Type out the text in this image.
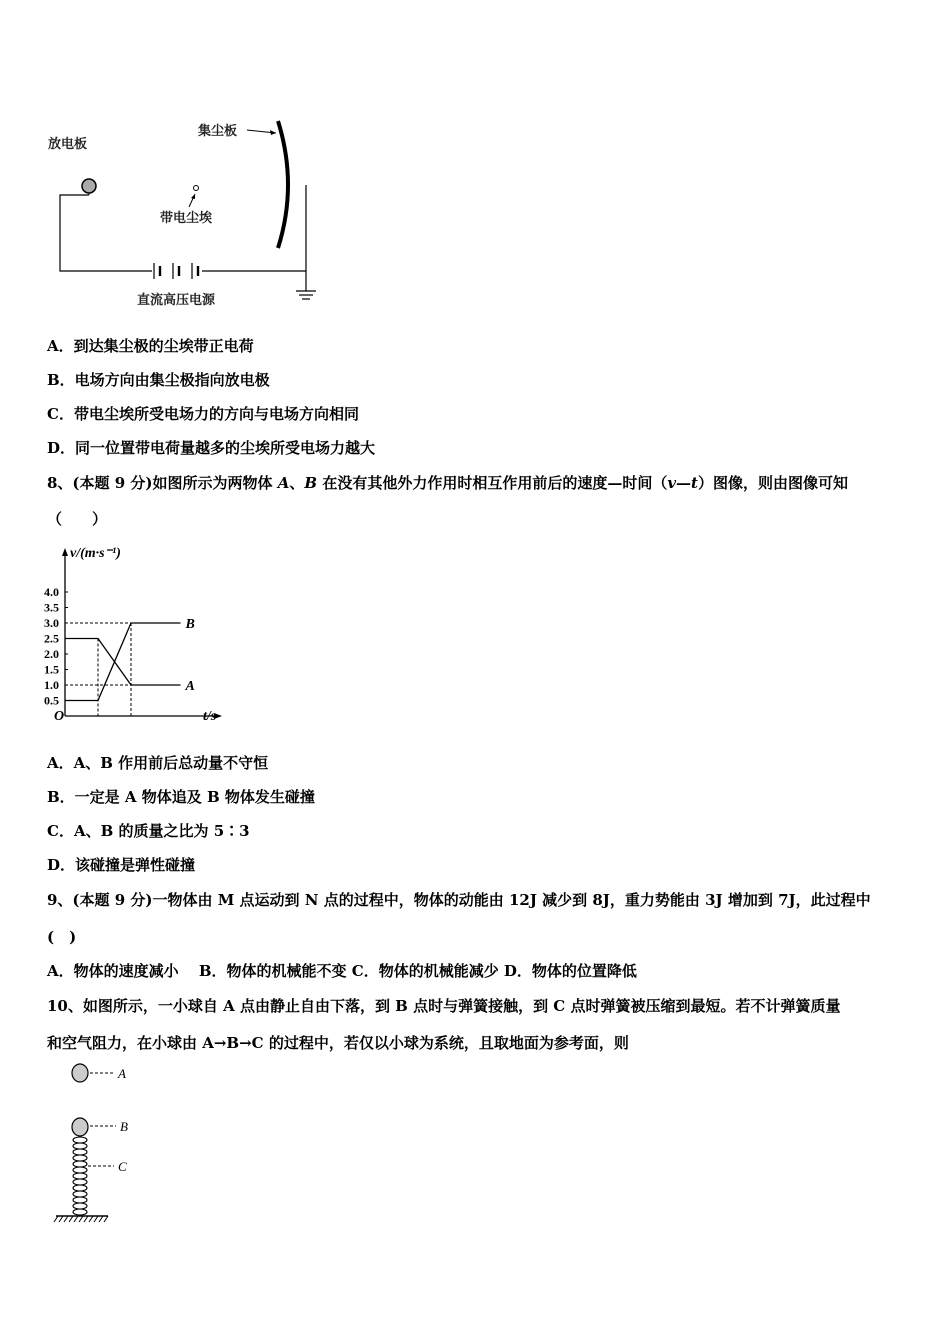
放电板
集尘板
带电尘埃
直流高压电源
A．到达集尘极的尘埃带正电荷
B．电场方向由集尘极指向放电极
C．带电尘埃所受电场力的方向与电场方向相同
D．同一位置带电荷量越多的尘埃所受电场力越大
8、(本题 9 分)如图所示为两物体 A、B 在没有其他外力作用时相互作用前后的速度—时间（v—t）图像，则由图像可知
（　　）
v/(m·s⁻¹)
t/s
O
4.0
3.5
3.0
2.5
2.0
1.5
1.0
0.5
A
B
A．A、B 作用前后总动量不守恒
B．一定是 A 物体追及 B 物体发生碰撞
C．A、B 的质量之比为 5∶3
D．该碰撞是弹性碰撞
9、(本题 9 分)一物体由 M 点运动到 N 点的过程中，物体的动能由 12J 减少到 8J，重力势能由 3J 增加到 7J，此过程中
(　)
A．物体的速度减小　 B．物体的机械能不变 C．物体的机械能减少 D．物体的位置降低
10、如图所示，一小球自 A 点由静止自由下落，到 B 点时与弹簧接触，到 C 点时弹簧被压缩到最短。若不计弹簧质量
和空气阻力，在小球由 A→B→C 的过程中，若仅以小球为系统，且取地面为参考面，则
A
B
C
